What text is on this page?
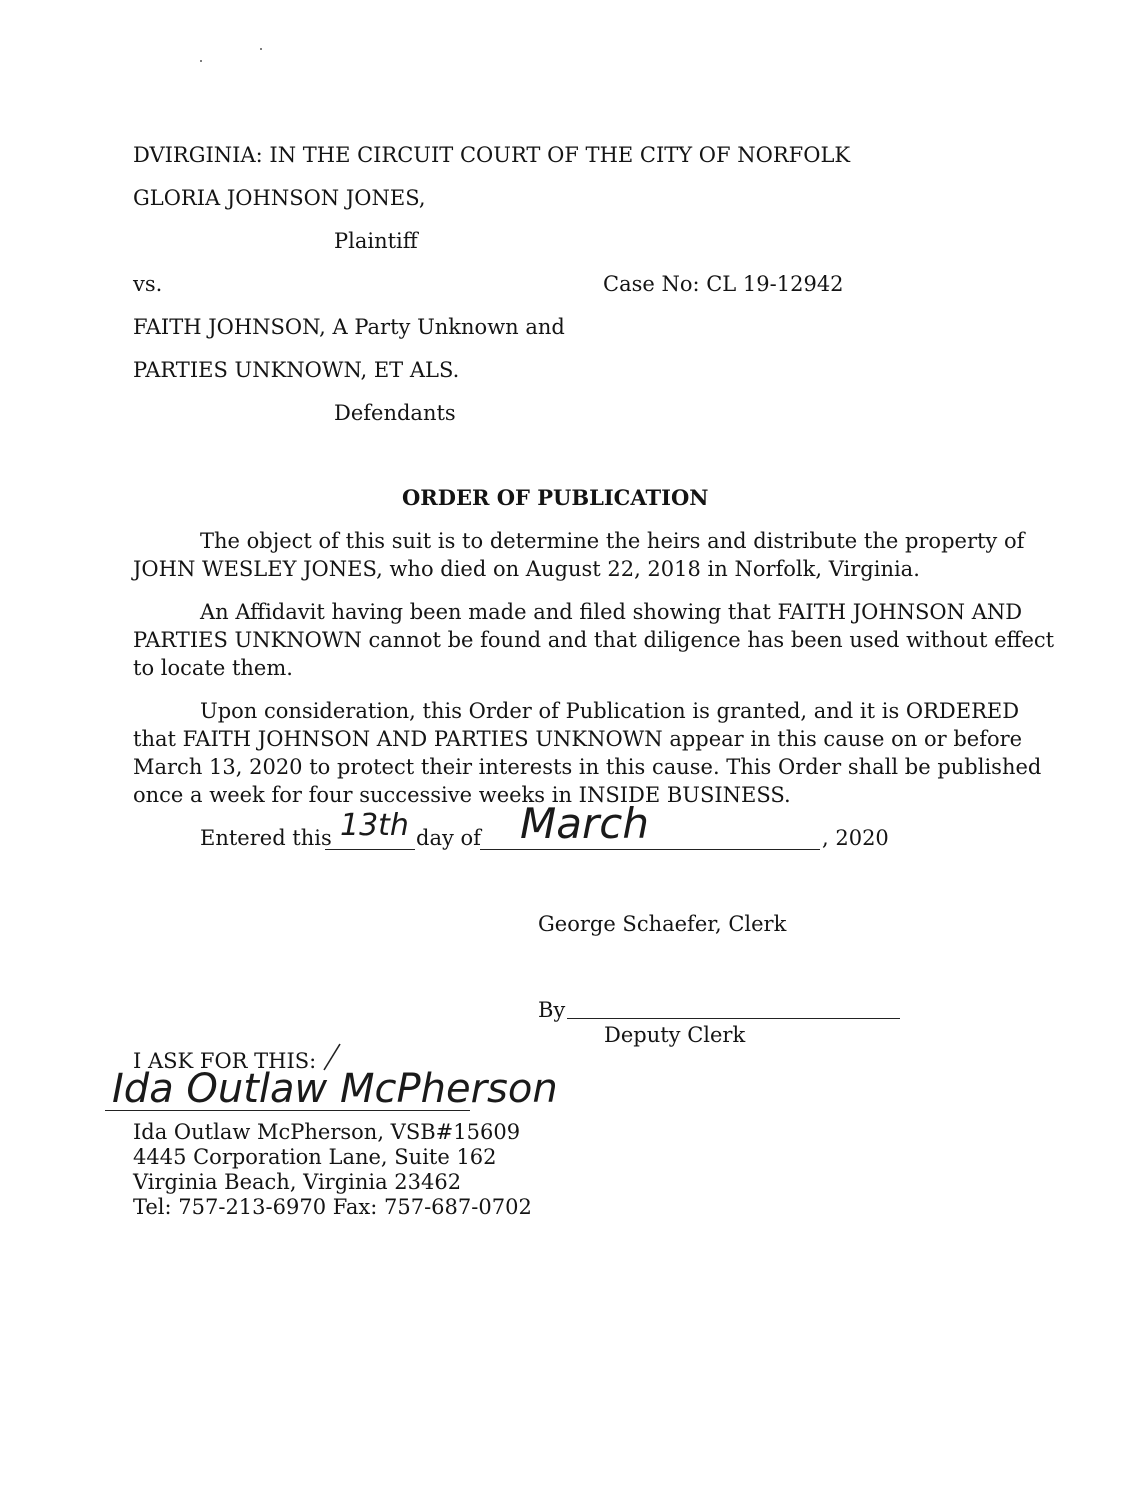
DVIRGINIA: IN THE CIRCUIT COURT OF THE CITY OF NORFOLK
GLORIA JOHNSON JONES,
Plaintiff
vs.	Case No: CL 19-12942
FAITH JOHNSON, A Party Unknown and
PARTIES UNKNOWN, ET ALS.
Defendants
ORDER OF PUBLICATION
The object of this suit is to determine the heirs and distribute the property of
JOHN WESLEY JONES, who died on August 22, 2018 in Norfolk, Virginia.
An Affidavit having been made and filed showing that FAITH JOHNSON AND
PARTIES UNKNOWN cannot be found and that diligence has been used without effect
to locate them.
Upon consideration, this Order of Publication is granted, and it is ORDERED
that FAITH JOHNSON AND PARTIES UNKNOWN appear in this cause on or before
March 13, 2020 to protect their interests in this cause. This Order shall be published
once a week for four successive weeks in INSIDE BUSINESS.
Entered this 13th day of March	, 2020
George Schaefer, Clerk
By
Deputy Clerk
I ASK FOR THIS:
Ida Outlaw McPherson
Ida Outlaw McPherson, VSB#15609
4445 Corporation Lane, Suite 162
Virginia Beach, Virginia 23462
Tel: 757-213-6970 Fax: 757-687-0702
